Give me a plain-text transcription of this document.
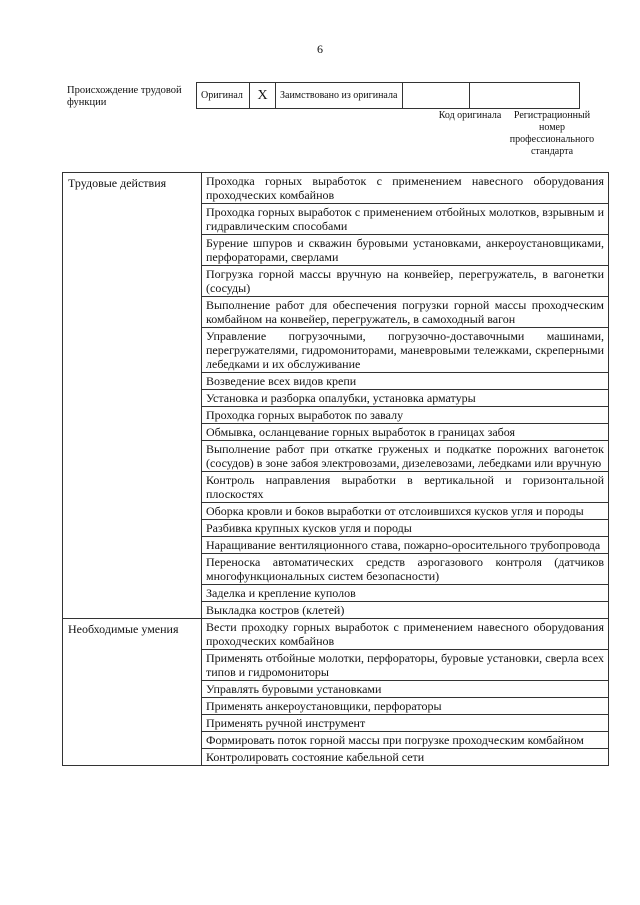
6
Происхождение трудовой функции
Оригинал	X	Заимствовано из оригинала		
Код оригинала	Регистрационный номер профессионального стандарта
Трудовые действия	Проходка горных выработок с применением навесного оборудования проходческих комбайнов
	Проходка горных выработок с применением отбойных молотков, взрывным и гидравлическим способами
	Бурение шпуров и скважин буровыми установками, анкероустановщиками, перфораторами, сверлами
	Погрузка горной массы вручную на конвейер, перегружатель, в вагонетки (сосуды)
	Выполнение работ для обеспечения погрузки горной массы проходческим комбайном на конвейер, перегружатель, в самоходный вагон
	Управление погрузочными, погрузочно-доставочными машинами, перегружателями, гидромониторами, маневровыми тележками, скреперными лебедками и их обслуживание
	Возведение всех видов крепи
	Установка и разборка опалубки, установка арматуры
	Проходка горных выработок по завалу
	Обмывка, осланцевание горных выработок в границах забоя
	Выполнение работ при откатке груженых и подкатке порожних вагонеток (сосудов) в зоне забоя электровозами, дизелевозами, лебедками или вручную
	Контроль направления выработки в вертикальной и горизонтальной плоскостях
	Оборка кровли и боков выработки от отслоившихся кусков угля и породы
	Разбивка крупных кусков угля и породы
	Наращивание вентиляционного става, пожарно-оросительного трубопровода
	Переноска автоматических средств аэрогазового контроля (датчиков многофункциональных систем безопасности)
	Заделка и крепление куполов
	Выкладка костров (клетей)
Необходимые умения	Вести проходку горных выработок с применением навесного оборудования проходческих комбайнов
	Применять отбойные молотки, перфораторы, буровые установки, сверла всех типов и гидромониторы
	Управлять буровыми установками
	Применять анкероустановщики, перфораторы
	Применять ручной инструмент
	Формировать поток горной массы при погрузке проходческим комбайном
	Контролировать состояние кабельной сети
